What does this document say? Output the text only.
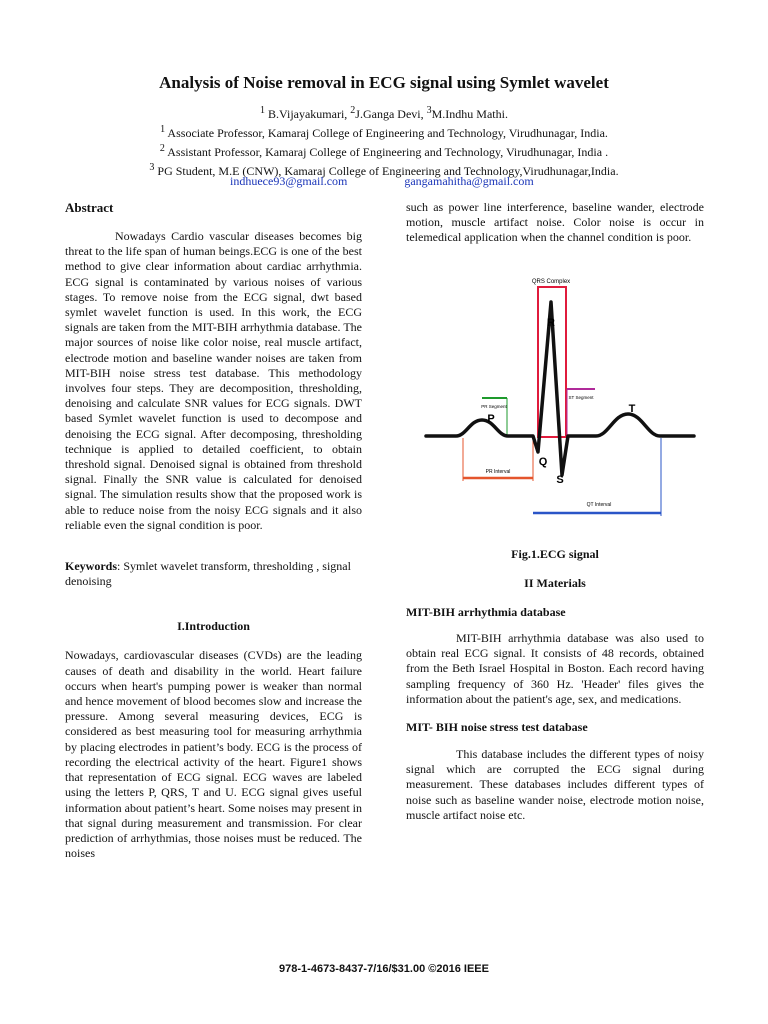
Analysis of Noise removal in ECG signal using Symlet wavelet
$^1$ B.Vijayakumari, $^2$J.Ganga Devi, $^3$M.Indhu Mathi.
$^1$ Associate Professor, Kamaraj College of Engineering and Technology, Virudhunagar, India.
$^2$ Assistant Professor, Kamaraj College of Engineering and Technology, Virudhunagar, India .
$^3$ PG Student, M.E (CNW), Kamaraj College of Engineering and Technology,Virudhunagar,India.
indhuece93@gmail.com	gangamahitha@gmail.com
Abstract

Nowadays Cardio vascular diseases becomes big threat to the life span of human beings.ECG is one of the best method to give clear information about cardiac arrhythmia. ECG signal is contaminated by various noises of various stages. To remove noise from the ECG signal, dwt based symlet wavelet function is used. In this work, the ECG signals are taken from the MIT-BIH arrhythmia database. The major sources of noise like color noise, real muscle artifact, electrode motion and baseline wander noises are taken from MIT-BIH noise stress test database. This methodology involves four steps. They are decomposition, thresholding, denoising and calculate SNR values for ECG signals. DWT based Symlet wavelet function is used to decompose and denoising the ECG signal. After decomposing, thresholding technique is applied to detailed coefficient, to obtain threshold signal. Denoised signal is obtained from threshold signal. Finally the SNR value is calculated for denoised signal. The simulation results show that the proposed work is able to reduce noise from the noisy ECG signals and it also reliable even the signal condition is poor.

Keywords: Symlet wavelet transform, thresholding , signal denoising

I.Introduction

Nowadays, cardiovascular diseases (CVDs) are the leading causes of death and disability in the world. Heart failure occurs when heart's pumping power is weaker than normal and hence movement of blood becomes slow and increase the pressure. Among several measuring devices, ECG is considered as best measuring tool for measuring arrhythmia by placing electrodes in patient’s body. ECG is the process of recording the electrical activity of the heart. Figure1 shows that representation of ECG signal. ECG waves are labeled using the letters P, QRS, T and U. ECG signal gives useful information about patient’s heart. Some noises may present in that signal during measurement and transmission. For clear prediction of arrhythmias, those noises must be reduced. The noises

such as power line interference, baseline wander, electrode motion, muscle artifact noise. Color noise is occur in telemedical application when the channel condition is poor.

QRS Complex
PR Segment
ST Segment
PR Interval
QT Interval
R
P
Q
S
T

Fig.1.ECG signal

II Materials
MIT-BIH arrhythmia database

MIT-BIH arrhythmia database was also used to obtain real ECG signal. It consists of 48 records, obtained from the Beth Israel Hospital in Boston. Each record having sampling frequency of 360 Hz. 'Header' files gives the information about the patient's age, sex, and medications.

MIT- BIH noise stress test database

This database includes the different types of noisy signal which are corrupted the ECG signal during measurement. These databases includes different types of noise such as baseline wander noise, electrode motion noise, muscle artifact noise etc.

978-1-4673-8437-7/16/$31.00 ©2016 IEEE
